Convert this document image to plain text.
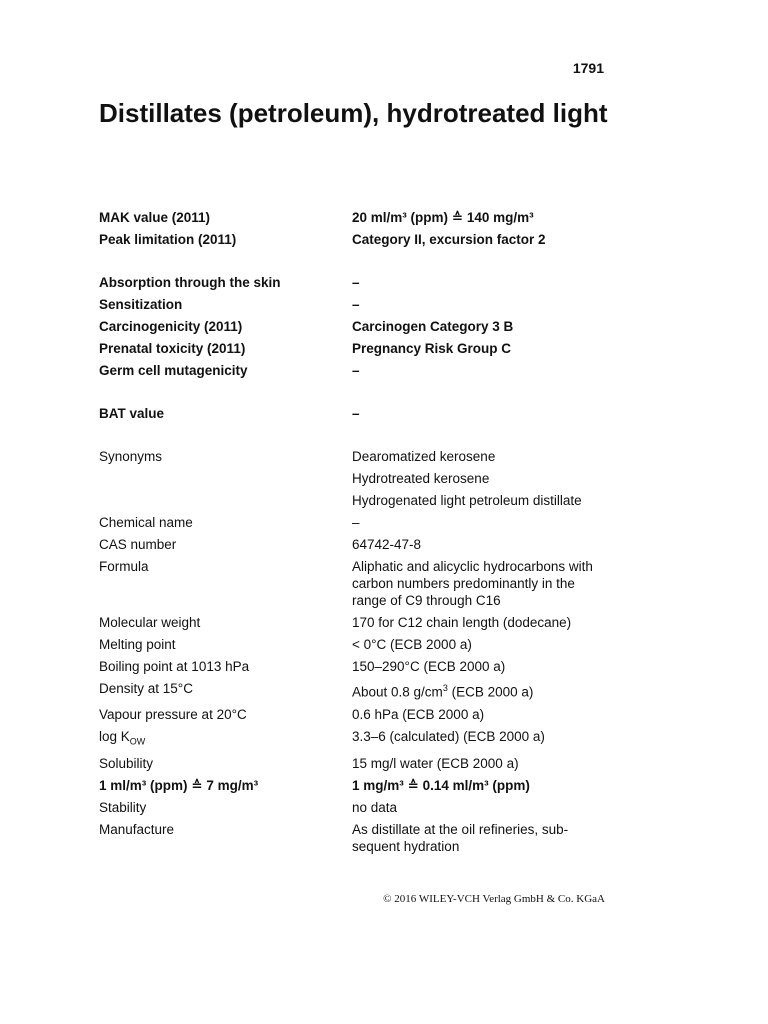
1791
Distillates (petroleum), hydrotreated light
MAK value (2011)	20 ml/m³ (ppm) ≙ 140 mg/m³
Peak limitation (2011)	Category II, excursion factor 2
Absorption through the skin	–
Sensitization	–
Carcinogenicity (2011)	Carcinogen Category 3 B
Prenatal toxicity (2011)	Pregnancy Risk Group C
Germ cell mutagenicity	–
BAT value	–
Synonyms	Dearomatized kerosene
Hydrotreated kerosene
Hydrogenated light petroleum distillate
Chemical name	–
CAS number	64742-47-8
Formula	Aliphatic and alicyclic hydrocarbons with
carbon numbers predominantly in the
range of C9 through C16
Molecular weight	170 for C12 chain length (dodecane)
Melting point	< 0°C (ECB 2000 a)
Boiling point at 1013 hPa	150–290°C (ECB 2000 a)
Density at 15°C	About 0.8 $g/cm^3$ (ECB 2000 a)
Vapour pressure at 20°C	0.6 hPa (ECB 2000 a)
$\log K_{OW}$	3.3–6 (calculated) (ECB 2000 a)
Solubility	15 mg/l water (ECB 2000 a)
1 ml/m³ (ppm) ≙ 7 mg/m³	1 mg/m³ ≙ 0.14 ml/m³ (ppm)
Stability	no data
Manufacture	As distillate at the oil refineries, sub-
sequent hydration
© 2016 WILEY-VCH Verlag GmbH & Co. KGaA
